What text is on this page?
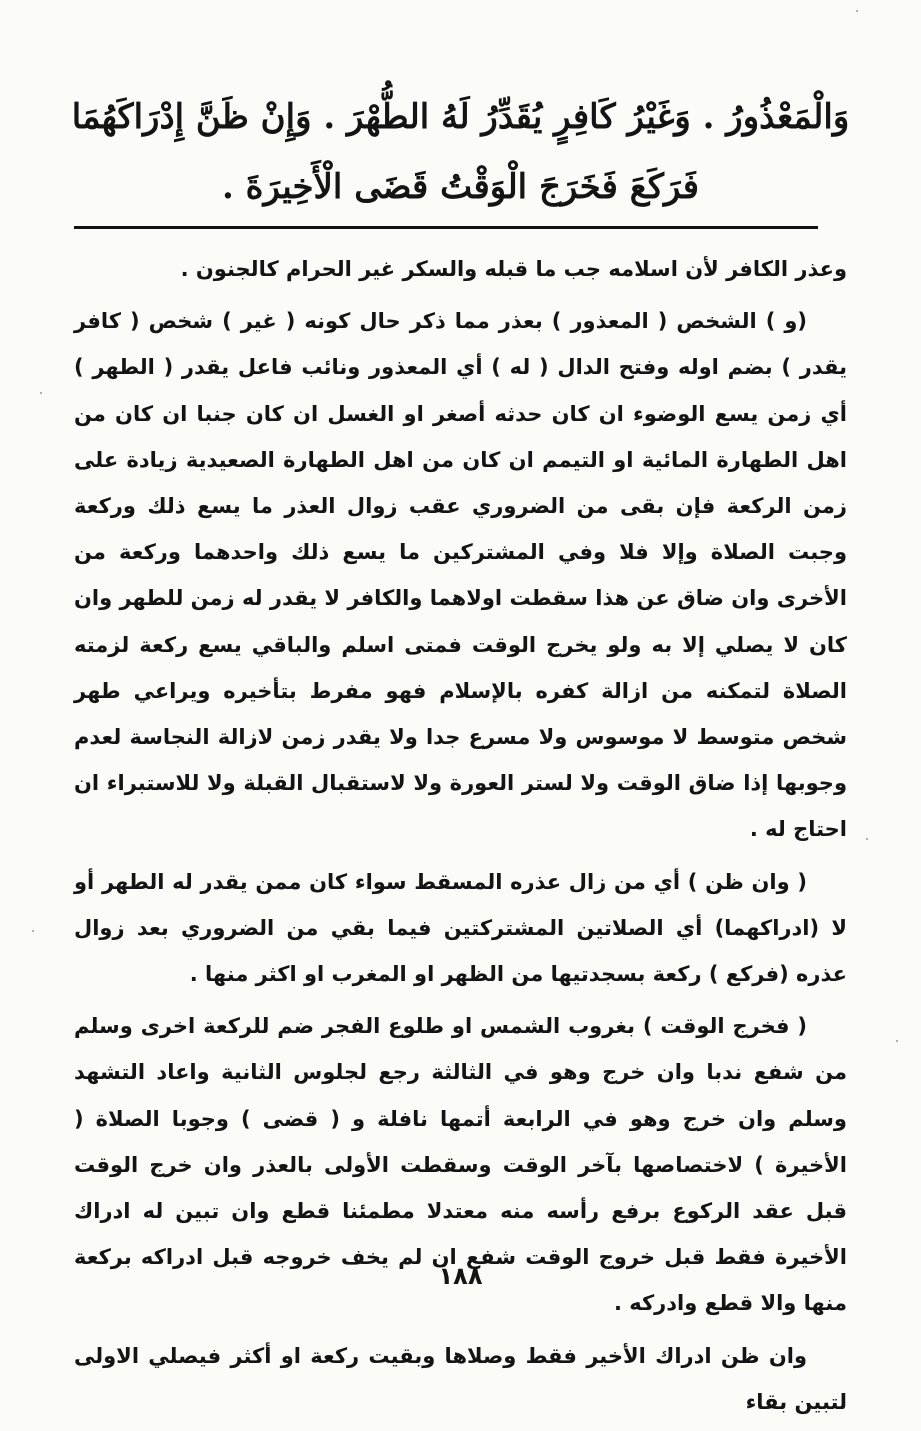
وَالْمَعْذُورُ . وَغَيْرُ كَافِرٍ يُقَدِّرُ لَهُ الطُّهْرَ . وَإِنْ ظَنَّ إِدْرَاكَهُمَا
فَرَكَعَ فَخَرَجَ الْوَقْتُ قَضَى الْأَخِيرَةَ .

وعذر الكافر لأن اسلامه جب ما قبله والسكر غير الحرام كالجنون .

(و ) الشخص ( المعذور ) بعذر مما ذكر حال كونه ( غير ) شخص ( كافر يقدر ) بضم اوله وفتح الدال ( له ) أي المعذور ونائب فاعل يقدر ( الطهر ) أي زمن يسع الوضوء ان كان حدثه أصغر او الغسل ان كان جنبا ان كان من اهل الطهارة المائية او التيمم ان كان من اهل الطهارة الصعيدية زيادة على زمن الركعة فإن بقى من الضروري عقب زوال العذر ما يسع ذلك وركعة وجبت الصلاة وإلا فلا وفي المشتركين ما يسع ذلك واحدهما وركعة من الأخرى وان ضاق عن هذا سقطت اولاهما والكافر لا يقدر له زمن للطهر وان كان لا يصلي إلا به ولو يخرج الوقت فمتى اسلم والباقي يسع ركعة لزمته الصلاة لتمكنه من ازالة كفره بالإسلام فهو مفرط بتأخيره ويراعي طهر شخص متوسط لا موسوس ولا مسرع جدا ولا يقدر زمن لازالة النجاسة لعدم وجوبها إذا ضاق الوقت ولا لستر العورة ولا لاستقبال القبلة ولا للاستبراء ان احتاج له .

( وان ظن ) أي من زال عذره المسقط سواء كان ممن يقدر له الطهر أو لا (ادراكهما) أي الصلاتين المشتركتين فيما بقي من الضروري بعد زوال عذره (فركع ) ركعة بسجدتيها من الظهر او المغرب او اكثر منها .

( فخرج الوقت ) بغروب الشمس او طلوع الفجر ضم للركعة اخرى وسلم من شفع ندبا وان خرج وهو في الثالثة رجع لجلوس الثانية واعاد التشهد وسلم وان خرج وهو في الرابعة أتمها نافلة و ( قضى ) وجوبا الصلاة ( الأخيرة ) لاختصاصها بآخر الوقت وسقطت الأولى بالعذر وان خرج الوقت قبل عقد الركوع برفع رأسه منه معتدلا مطمئنا قطع وان تبين له ادراك الأخيرة فقط قبل خروج الوقت شفع ان لم يخف خروجه قبل ادراكه بركعة منها والا قطع وادركه .

وان ظن ادراك الأخير فقط وصلاها وبقيت ركعة او أكثر فيصلي الاولى لتبين بقاء

١٨٨
